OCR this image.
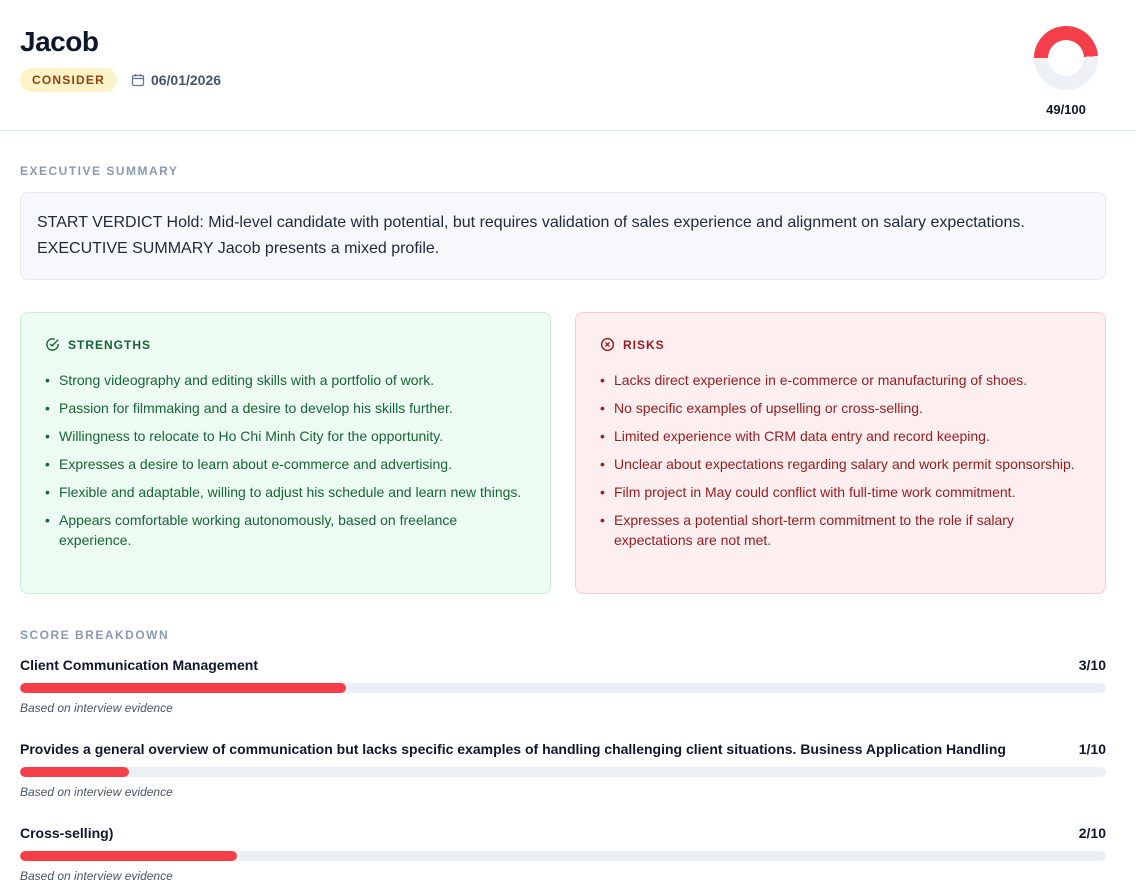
Jacob
CONSIDER	06/01/2026
49/100
EXECUTIVE SUMMARY
START VERDICT Hold: Mid-level candidate with potential, but requires validation of sales experience and alignment on salary expectations. EXECUTIVE SUMMARY Jacob presents a mixed profile.
STRENGTHS
• Strong videography and editing skills with a portfolio of work.
• Passion for filmmaking and a desire to develop his skills further.
• Willingness to relocate to Ho Chi Minh City for the opportunity.
• Expresses a desire to learn about e-commerce and advertising.
• Flexible and adaptable, willing to adjust his schedule and learn new things.
• Appears comfortable working autonomously, based on freelance experience.
RISKS
• Lacks direct experience in e-commerce or manufacturing of shoes.
• No specific examples of upselling or cross-selling.
• Limited experience with CRM data entry and record keeping.
• Unclear about expectations regarding salary and work permit sponsorship.
• Film project in May could conflict with full-time work commitment.
• Expresses a potential short-term commitment to the role if salary expectations are not met.
SCORE BREAKDOWN
Client Communication Management	3/10
Based on interview evidence
Provides a general overview of communication but lacks specific examples of handling challenging client situations. Business Application Handling	1/10
Based on interview evidence
Cross-selling)	2/10
Based on interview evidence
